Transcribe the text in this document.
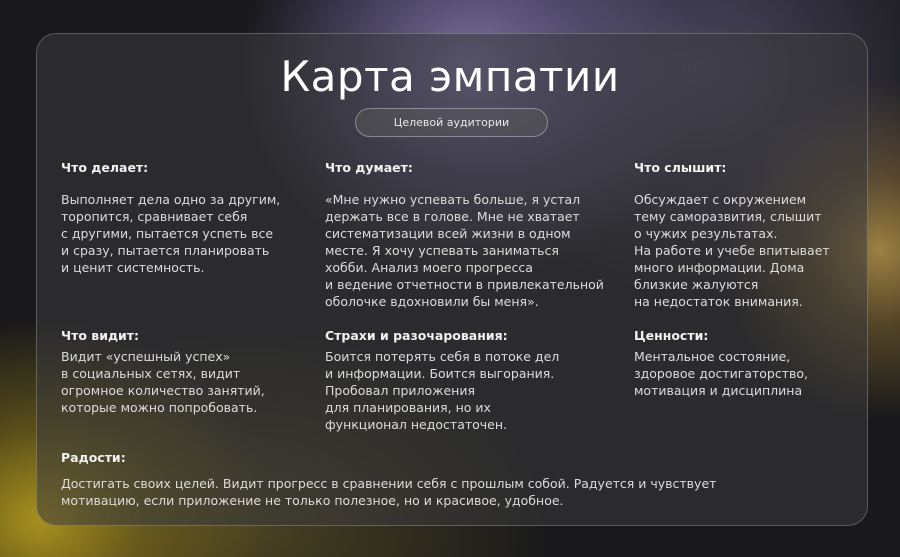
Карта эмпатии
Целевой аудитории
Что делает:

Выполняет дела одно за другим,
торопится, сравнивает себя
с другими, пытается успеть все
и сразу, пытается планировать
и ценит системность.

Что думает:

«Мне нужно успевать больше, я устал
держать все в голове. Мне не хватает
систематизации всей жизни в одном
месте. Я хочу успевать заниматься
хобби. Анализ моего прогресса
и ведение отчетности в привлекательной
оболочке вдохновили бы меня».

Что слышит:

Обсуждает с окружением
тему саморазвития, слышит
о чужих результатах.
На работе и учебе впитывает
много информации. Дома
близкие жалуются
на недостаток внимания.

Что видит:

Видит «успешный успех»
в социальных сетях, видит
огромное количество занятий,
которые можно попробовать.

Страхи и разочарования:

Боится потерять себя в потоке дел
и информации. Боится выгорания.
Пробовал приложения
для планирования, но их
функционал недостаточен.

Ценности:

Ментальное состояние,
здоровое достигаторство,
мотивация и дисциплина

Радости:

Достигать своих целей. Видит прогресс в сравнении себя с прошлым собой. Радуется и чувствует
мотивацию, если приложение не только полезное, но и красивое, удобное.
